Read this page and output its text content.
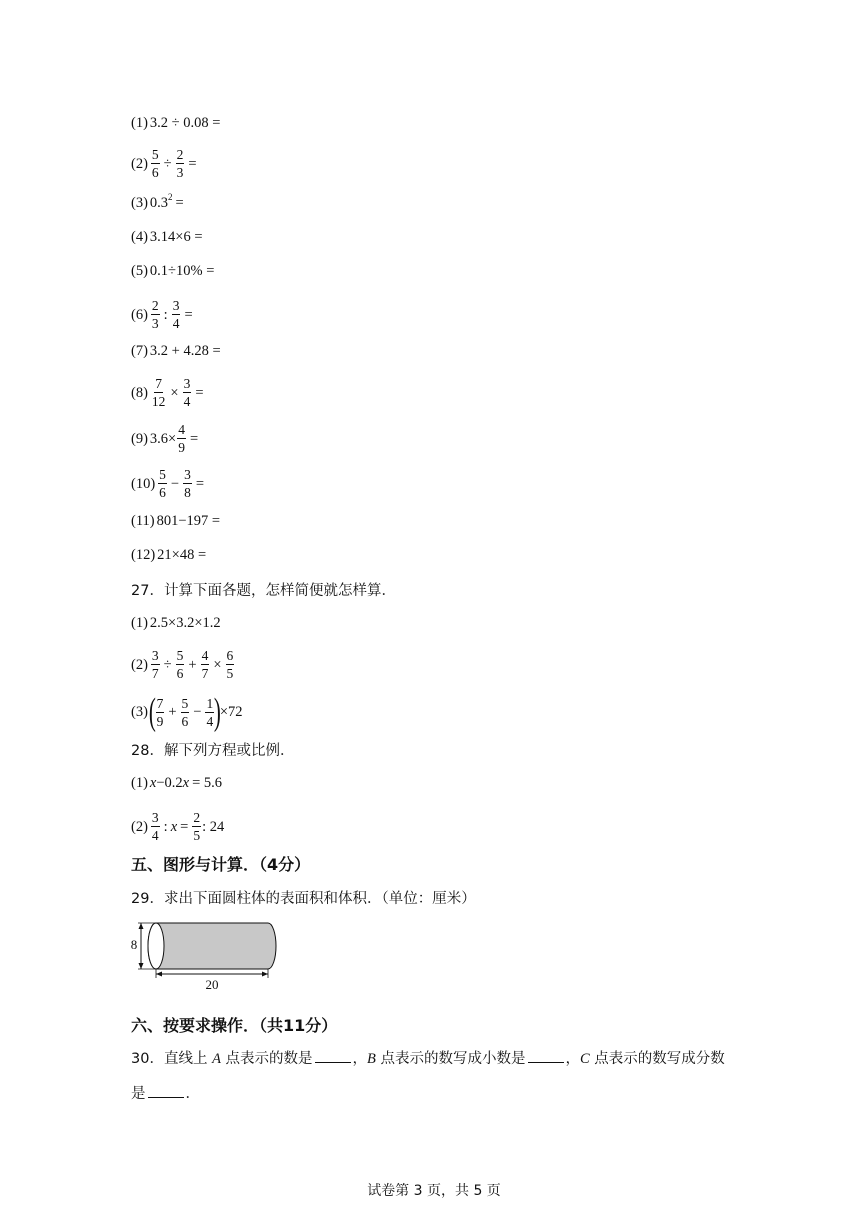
(1) 3.2 ÷ 0.08 =
$(2) \frac{5}{6} \div \frac{2}{3}$ =
(3) 0.3 2 =
(4) 3.14×6 =
(5) 0.1÷10% =
$(6) \frac{2}{3}$ : $\frac{3}{4}$ =
(7) 3.2 + 4.28 =
$(8) \frac{7}{12} \times \frac{3}{4}$ =
(9) $3.6\times \frac{4}{9}$ =
$(10) \frac{5}{6} - \frac{3}{8}$ =
(11) 801−197 =
(12) 21×48 =
27．计算下面各题，怎样简便就怎样算．
(1) 2.5×3.2×1.2
$(2) \frac{3}{7} \div \frac{5}{6} + \frac{4}{7} \times \frac{6}{5}$
(3) ( $\frac{7}{9} + \frac{5}{6} - \frac{1}{4}$ )
×72
28．解下列方程或比例．
(1) x −0.2 x = 5.6
$(2) \frac{3}{4}$ : $x = \frac{2}{5}$ : 24
五、图形与计算．（4分）
29．求出下面圆柱体的表面积和体积．（单位：厘米）
8
20
六、按要求操作．（共11分）
30．直线上 A 点表示的数是	，B 点表示的数写成小数是	，C 点表示的数写成分数
是	．
试卷第 3 页，共 5 页
